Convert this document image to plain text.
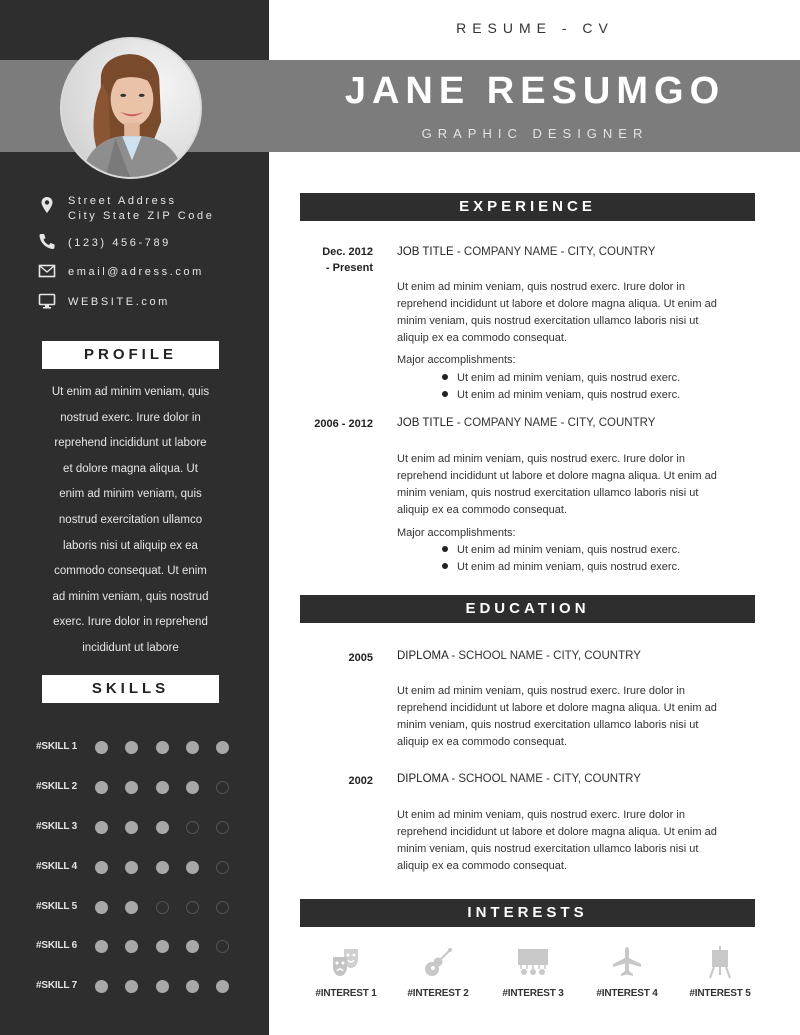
RESUME - CV
JANE RESUMGO
GRAPHIC DESIGNER
Street Address
City State ZIP Code
(123) 456-789
email@adress.com
WEBSITE.com
PROFILE
Ut enim ad minim veniam, quis
nostrud exerc. Irure dolor in
reprehend incididunt ut labore
et dolore magna aliqua. Ut
enim ad minim veniam, quis
nostrud exercitation ullamco
laboris nisi ut aliquip ex ea
commodo consequat. Ut enim
ad minim veniam, quis nostrud
exerc. Irure dolor in reprehend
incididunt ut labore
SKILLS
#SKILL 1
#SKILL 2
#SKILL 3
#SKILL 4
#SKILL 5
#SKILL 6
#SKILL 7
EXPERIENCE
Dec. 2012
- Present
JOB TITLE - COMPANY NAME - CITY, COUNTRY
Ut enim ad minim veniam, quis nostrud exerc. Irure dolor in
reprehend incididunt ut labore et dolore magna aliqua. Ut enim ad
minim veniam, quis nostrud exercitation ullamco laboris nisi ut
aliquip ex ea commodo consequat.
Major accomplishments:
Ut enim ad minim veniam, quis nostrud exerc.
Ut enim ad minim veniam, quis nostrud exerc.
2006 - 2012 JOB TITLE - COMPANY NAME - CITY, COUNTRY
Ut enim ad minim veniam, quis nostrud exerc. Irure dolor in
reprehend incididunt ut labore et dolore magna aliqua. Ut enim ad
minim veniam, quis nostrud exercitation ullamco laboris nisi ut
aliquip ex ea commodo consequat.
Major accomplishments:
Ut enim ad minim veniam, quis nostrud exerc.
Ut enim ad minim veniam, quis nostrud exerc.
EDUCATION
2005 DIPLOMA - SCHOOL NAME - CITY, COUNTRY
Ut enim ad minim veniam, quis nostrud exerc. Irure dolor in
reprehend incididunt ut labore et dolore magna aliqua. Ut enim ad
minim veniam, quis nostrud exercitation ullamco laboris nisi ut
aliquip ex ea commodo consequat.
2002 DIPLOMA - SCHOOL NAME - CITY, COUNTRY
Ut enim ad minim veniam, quis nostrud exerc. Irure dolor in
reprehend incididunt ut labore et dolore magna aliqua. Ut enim ad
minim veniam, quis nostrud exercitation ullamco laboris nisi ut
aliquip ex ea commodo consequat.
INTERESTS
#INTEREST 1	#INTEREST 2	#INTEREST 3	#INTEREST 4	#INTEREST 5
